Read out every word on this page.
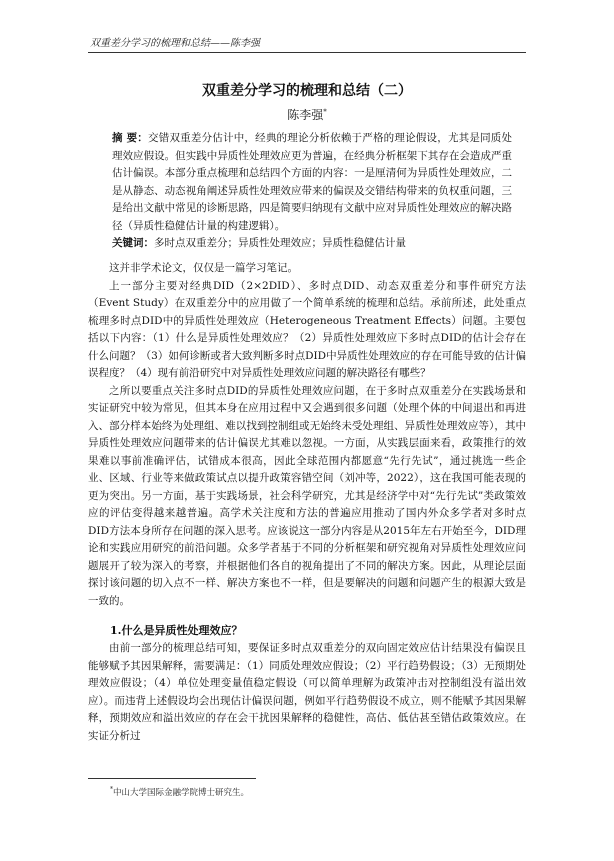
双重差分学习的梳理和总结——陈李强
双重差分学习的梳理和总结（二）
陈李强*
摘 要：交错双重差分估计中，经典的理论分析依赖于严格的理论假设，尤其是同质处理效应假设。但实践中异质性处理效应更为普遍，在经典分析框架下其存在会造成严重估计偏误。本部分重点梳理和总结四个方面的内容：一是厘清何为异质性处理效应，二是从静态、动态视角阐述异质性处理效应带来的偏误及交错结构带来的负权重问题，三是给出文献中常见的诊断思路，四是简要归纳现有文献中应对异质性处理效应的解决路径（异质性稳健估计量的构建逻辑）。
关键词：多时点双重差分；异质性处理效应；异质性稳健估计量

这并非学术论文，仅仅是一篇学习笔记。

上一部分主要对经典DID（2×2DID）、多时点DID、动态双重差分和事件研究方法（Event Study）在双重差分中的应用做了一个简单系统的梳理和总结。承前所述，此处重点梳理多时点DID中的异质性处理效应（Heterogeneous Treatment Effects）问题。主要包括以下内容：（1）什么是异质性处理效应？（2）异质性处理效应下多时点DID的估计会存在什么问题？（3）如何诊断或者大致判断多时点DID中异质性处理效应的存在可能导致的估计偏误程度？（4）现有前沿研究中对异质性处理效应问题的解决路径有哪些？

之所以要重点关注多时点DID的异质性处理效应问题，在于多时点双重差分在实践场景和实证研究中较为常见，但其本身在应用过程中又会遇到很多问题（处理个体的中间退出和再进入、部分样本始终为处理组、难以找到控制组或无始终未受处理组、异质性处理效应等），其中异质性处理效应问题带来的估计偏误尤其难以忽视。一方面，从实践层面来看，政策推行的效果难以事前准确评估，试错成本很高，因此全球范围内都愿意“先行先试”，通过挑选一些企业、区域、行业等来做政策试点以提升政策容错空间（刘冲等，2022），这在我国可能表现的更为突出。另一方面，基于实践场景，社会科学研究，尤其是经济学中对“先行先试”类政策效应的评估变得越来越普遍。高学术关注度和方法的普遍应用推动了国内外众多学者对多时点DID方法本身所存在问题的深入思考。应该说这一部分内容是从2015年左右开始至今，DID理论和实践应用研究的前沿问题。众多学者基于不同的分析框架和研究视角对异质性处理效应问题展开了较为深入的考察，并根据他们各自的视角提出了不同的解决方案。因此，从理论层面探讨该问题的切入点不一样、解决方案也不一样，但是要解决的问题和问题产生的根源大致是一致的。

1.什么是异质性处理效应？

由前一部分的梳理总结可知，要保证多时点双重差分的双向固定效应估计结果没有偏误且能够赋予其因果解释，需要满足：（1）同质处理效应假设；（2）平行趋势假设；（3）无预期处理效应假设；（4）单位处理变量值稳定假设（可以简单理解为政策冲击对控制组没有溢出效应）。而违背上述假设均会出现估计偏误问题，例如平行趋势假设不成立，则不能赋予其因果解释，预期效应和溢出效应的存在会干扰因果解释的稳健性，高估、低估甚至错估政策效应。在实证分析过

*中山大学国际金融学院博士研究生。
